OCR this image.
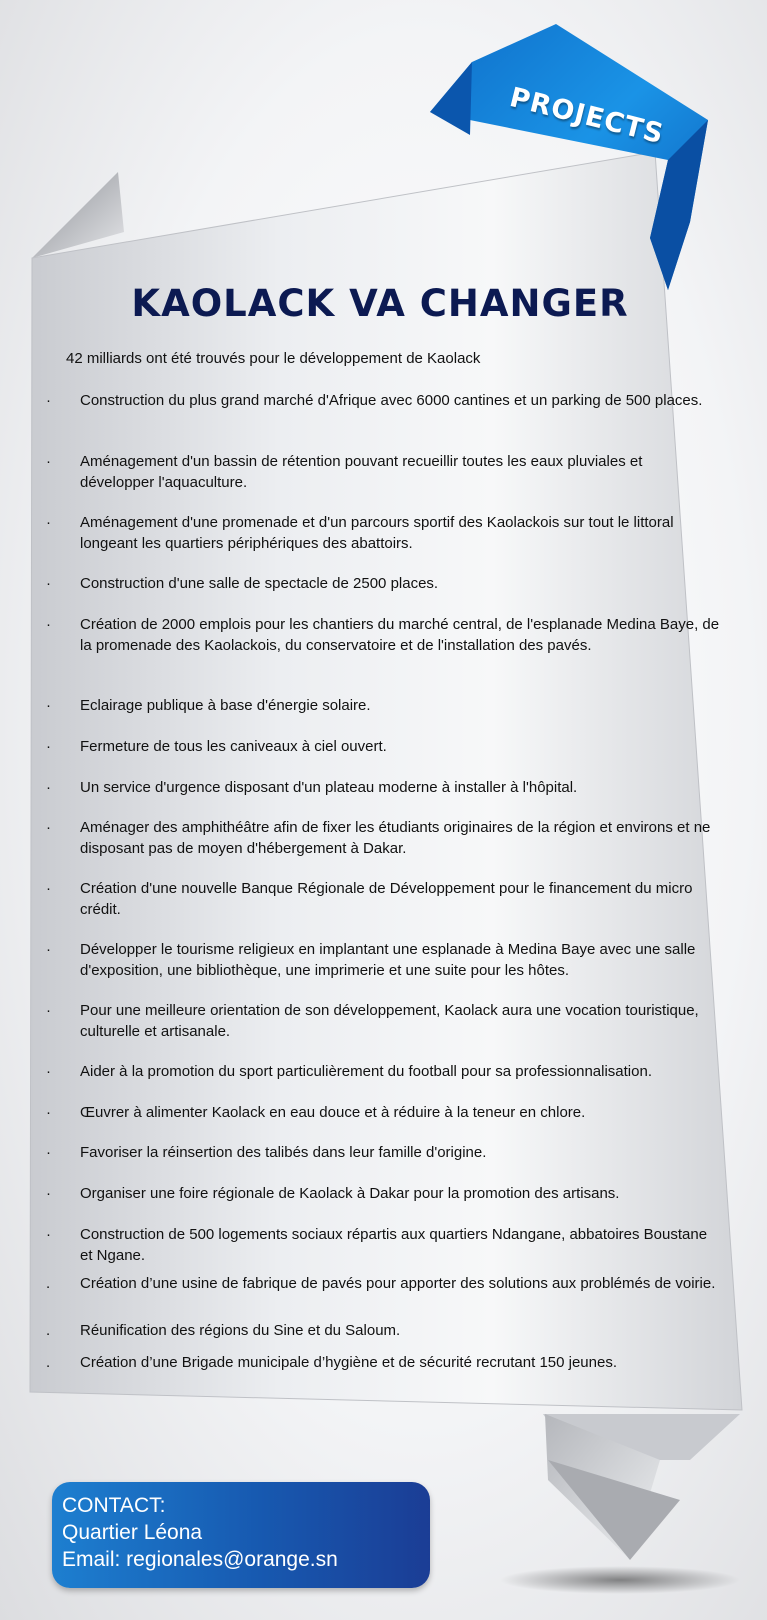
PROJECTS
KAOLACK VA CHANGER

42 milliards ont été trouvés pour le développement de Kaolack

· Construction du plus grand marché d'Afrique avec 6000 cantines et un parking de 500 places.
· Aménagement d'un bassin de rétention pouvant recueillir toutes les eaux pluviales et développer l'aquaculture.
· Aménagement d'une promenade et d'un parcours sportif des Kaolackois sur tout le littoral longeant les quartiers périphériques des abattoirs.
· Construction d'une salle de spectacle de 2500 places.
· Création de 2000 emplois pour les chantiers du marché central, de l'esplanade Medina Baye, de la promenade des Kaolackois, du conservatoire et de l'installation des pavés.
· Eclairage publique à base d'énergie solaire.
· Fermeture de tous les caniveaux à ciel ouvert.
· Un service d'urgence disposant d'un plateau moderne à installer à l'hôpital.
· Aménager des amphithéâtre afin de fixer les étudiants originaires de la région et environs et ne disposant pas de moyen d'hébergement à Dakar.
· Création d'une nouvelle Banque Régionale de Développement pour le financement du micro crédit.
· Développer le tourisme religieux en implantant une esplanade à Medina Baye avec une salle d'exposition, une bibliothèque, une imprimerie et une suite pour les hôtes.
· Pour une meilleure orientation de son développement, Kaolack aura une vocation touristique, culturelle et artisanale.
· Aider à la promotion du sport particulièrement du football pour sa professionnalisation.
· Œuvrer à alimenter Kaolack en eau douce et à réduire à la teneur en chlore.
· Favoriser la réinsertion des talibés dans leur famille d'origine.
· Organiser une foire régionale de Kaolack à Dakar pour la promotion des artisans.
· Construction de 500 logements sociaux répartis aux quartiers Ndangane, abbatoires Boustane et Ngane.
. Création d’une usine de fabrique de pavés pour apporter des solutions aux problémés de voirie.
. Réunification des régions du Sine et du Saloum.
. Création d’une Brigade municipale d’hygiène et de sécurité recrutant 150 jeunes.
CONTACT:
Quartier Léona
Email: regionales@orange.sn
